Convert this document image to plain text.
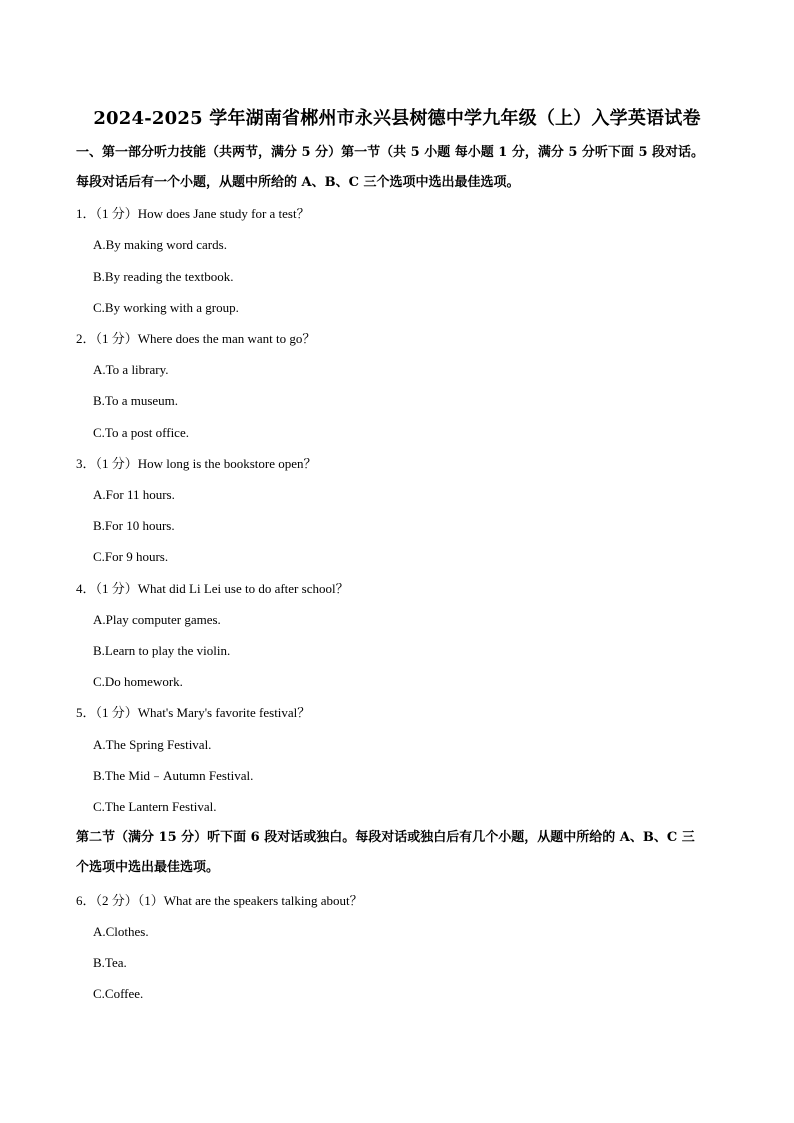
2024-2025 学年湖南省郴州市永兴县树德中学九年级（上）入学英语试卷
一、第一部分听力技能（共两节，满分 5 分）第一节（共 5 小题 每小题 1 分，满分 5 分听下面 5 段对话。
每段对话后有一个小题，从题中所给的 A、B、C 三个选项中选出最佳选项。
1．（1 分）How does Jane study for a test？
A.By making word cards.
B.By reading the textbook.
C.By working with a group.
2．（1 分）Where does the man want to go？
A.To a library.
B.To a museum.
C.To a post office.
3．（1 分）How long is the bookstore open？
A.For 11 hours.
B.For 10 hours.
C.For 9 hours.
4．（1 分）What did Li Lei use to do after school？
A.Play computer games.
B.Learn to play the violin.
C.Do homework.
5．（1 分）What's Mary's favorite festival？
A.The Spring Festival.
B.The Mid﹣Autumn Festival.
C.The Lantern Festival.
第二节（满分 15 分）听下面 6 段对话或独白。每段对话或独白后有几个小题，从题中所给的 A、B、C 三
个选项中选出最佳选项。
6．（2 分）（1）What are the speakers talking about？
A.Clothes.
B.Tea.
C.Coffee.
